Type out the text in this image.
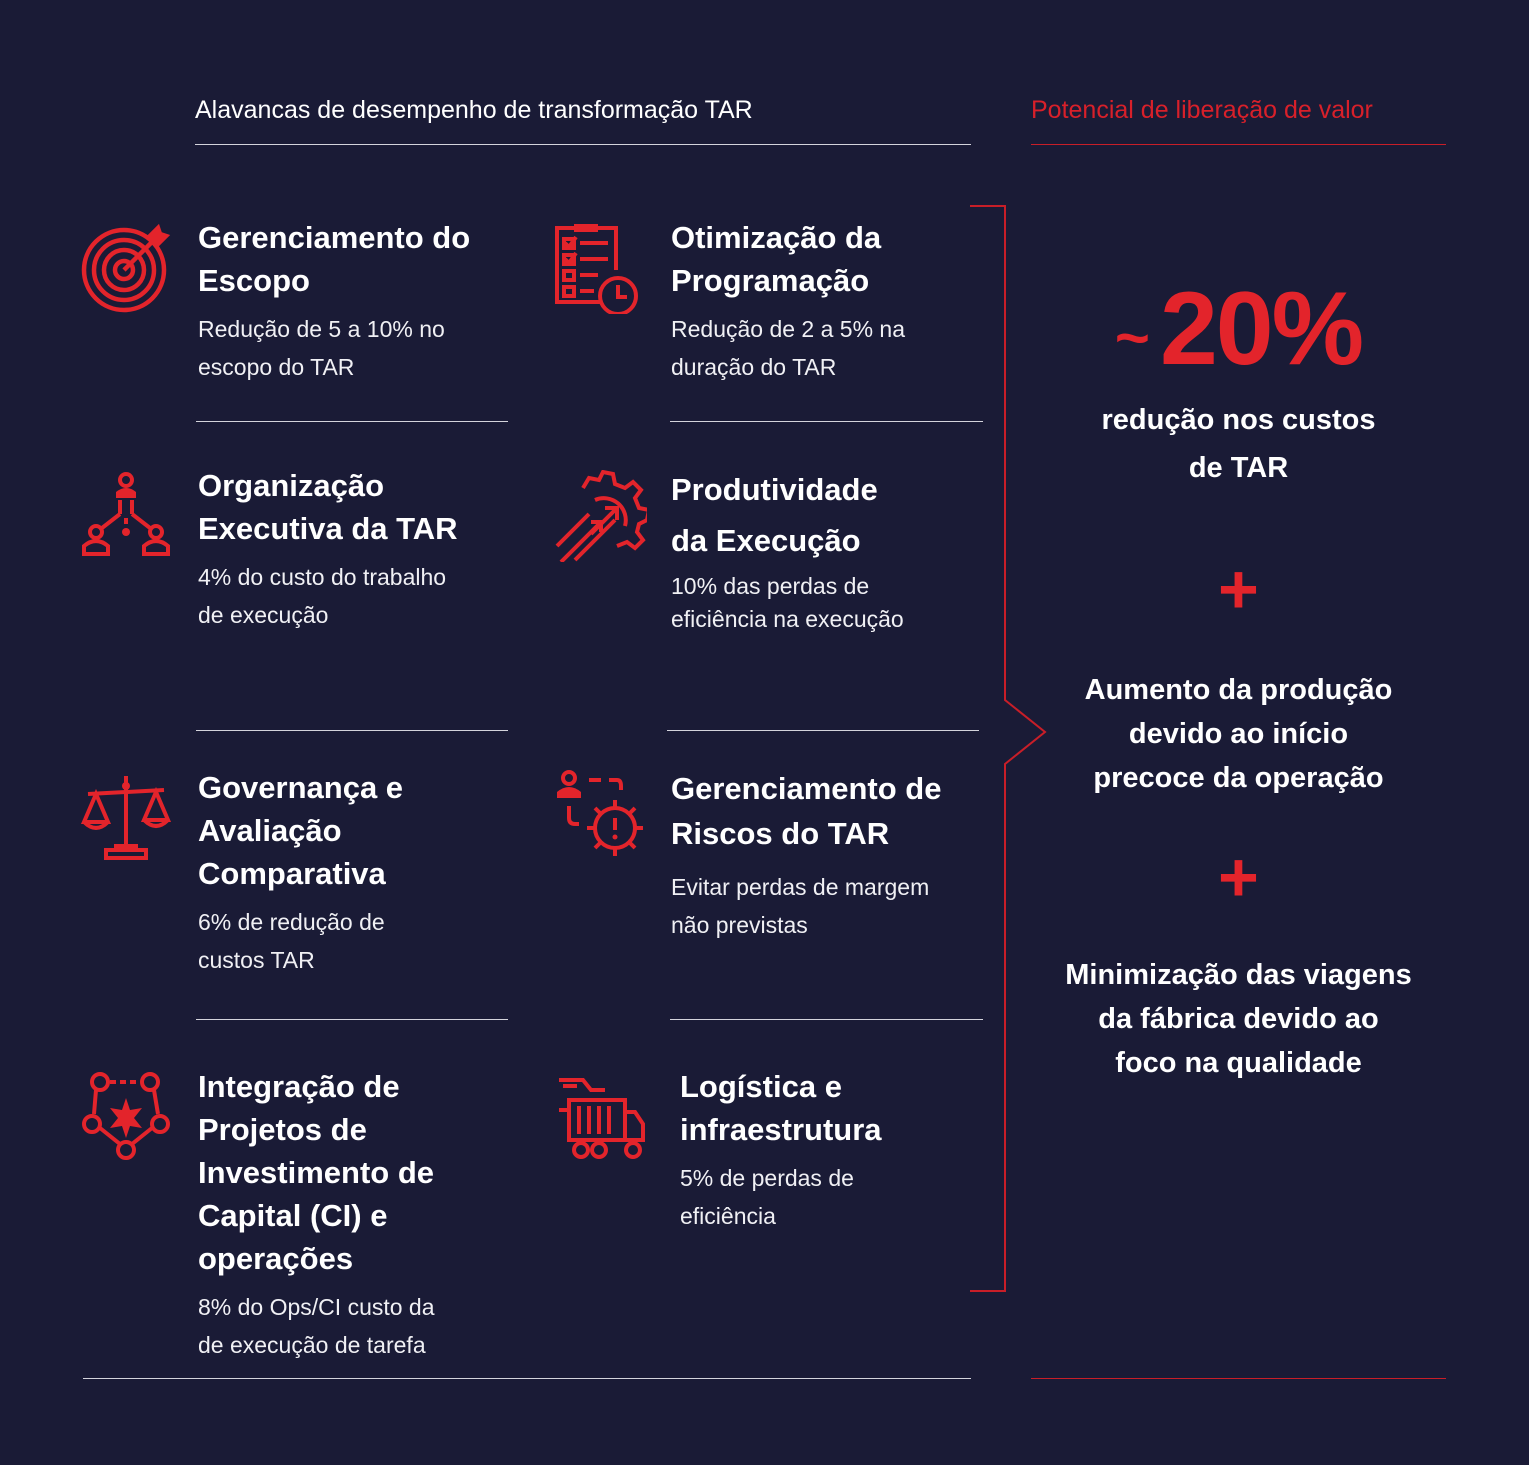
Alavancas de desempenho de transformação TAR	Potencial de liberação de valor

Gerenciamento do
Escopo

Redução de 5 a 10% no
escopo do TAR

Otimização da
Programação

Redução de 2 a 5% na
duração do TAR

Organização
Executiva da TAR

4% do custo do trabalho
de execução

Produtividade
da Execução

10% das perdas de
eficiência na execução

Governança e
Avaliação
Comparativa

6% de redução de
custos TAR

Gerenciamento de
Riscos do TAR

Evitar perdas de margem
não previstas

Integração de
Projetos de
Investimento de
Capital (CI) e
operações

8% do Ops/CI custo da
de execução de tarefa

Logística e
infraestrutura

5% de perdas de
eficiência

~20%
redução nos custos
de TAR
+
Aumento da produção
devido ao início
precoce da operação
+
Minimização das viagens
da fábrica devido ao
foco na qualidade
